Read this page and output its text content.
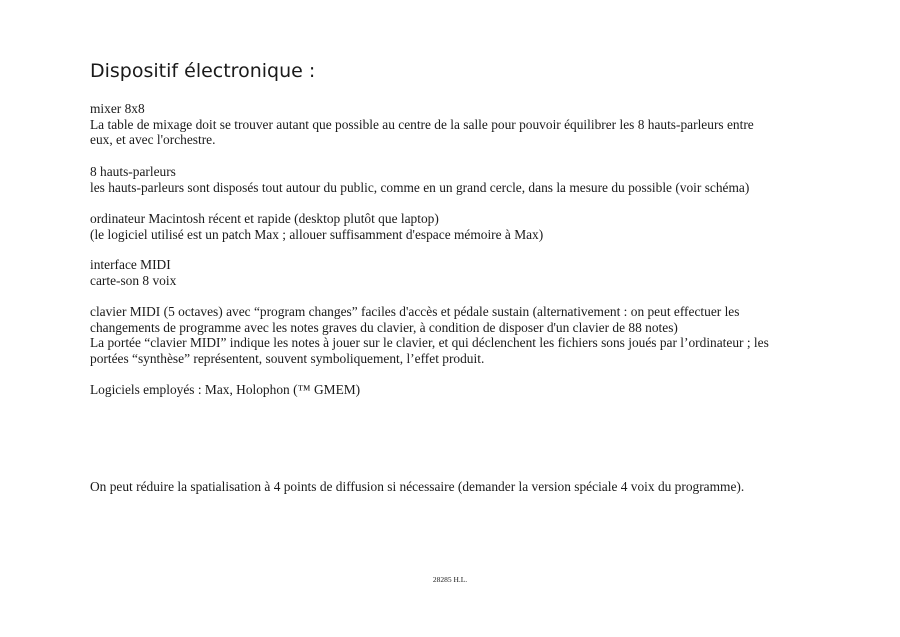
Dispositif électronique :
mixer 8x8
La table de mixage doit se trouver autant que possible au centre de la salle pour pouvoir équilibrer les 8 hauts-parleurs entre
eux, et avec l'orchestre.
8 hauts-parleurs
les hauts-parleurs sont disposés tout autour du public, comme en un grand cercle, dans la mesure du possible (voir schéma)
ordinateur Macintosh récent et rapide (desktop plutôt que laptop)
(le logiciel utilisé est un patch Max ; allouer suffisamment d'espace mémoire à Max)
interface MIDI
carte-son 8 voix
clavier MIDI (5 octaves) avec “program changes” faciles d'accès et pédale sustain (alternativement : on peut effectuer les
changements de programme avec les notes graves du clavier, à condition de disposer d'un clavier de 88 notes)
La portée “clavier MIDI” indique les notes à jouer sur le clavier, et qui déclenchent les fichiers sons joués par l’ordinateur ; les
portées “synthèse” représentent, souvent symboliquement, l’effet produit.
Logiciels employés : Max, Holophon (™ GMEM)
On peut réduire la spatialisation à 4 points de diffusion si nécessaire (demander la version spéciale 4 voix du programme).
28285 H.L.
